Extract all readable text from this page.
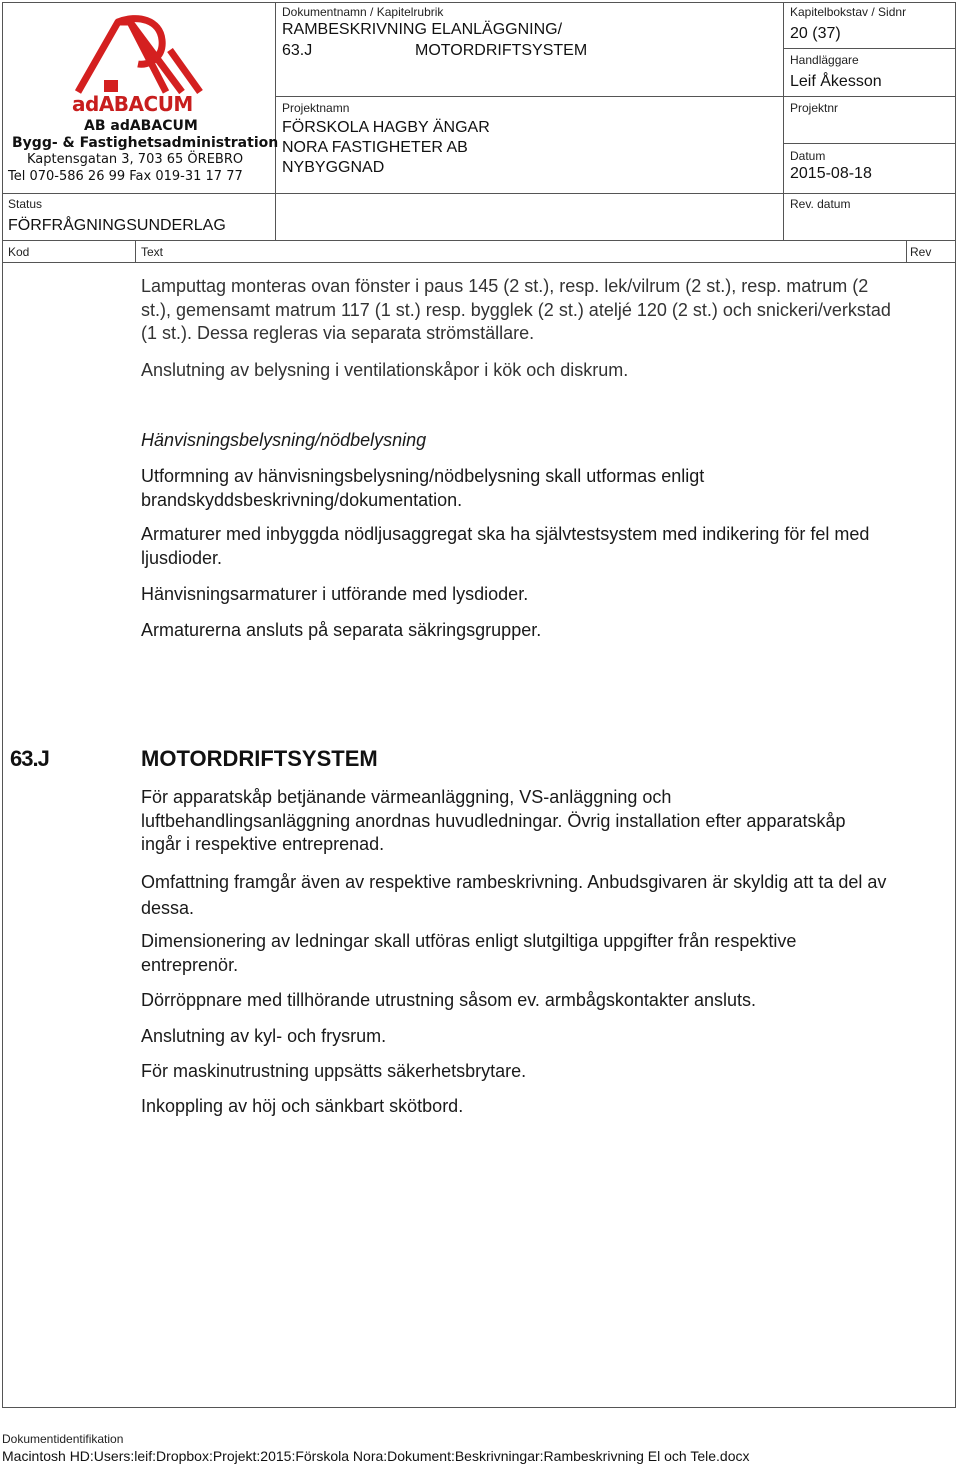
adABACUM
AB adABACUM
Bygg- & Fastighetsadministration
Kaptensgatan 3, 703 65 ÖREBRO
Tel 070-586 26 99 Fax 019-31 17 77
Status
FÖRFRÅGNINGSUNDERLAG
Dokumentnamn / Kapitelrubrik
RAMBESKRIVNING ELANLÄGGNING/
63.J	MOTORDRIFTSYSTEM
Projektnamn
FÖRSKOLA HAGBY ÄNGAR
NORA FASTIGHETER AB
NYBYGGNAD
Kapitelbokstav / Sidnr
20 (37)
Handläggare
Leif Åkesson
Projektnr
Datum
2015-08-18
Rev. datum
Kod	Text	Rev
Lamputtag monteras ovan fönster i paus 145 (2 st.), resp. lek/vilrum (2 st.), resp. matrum (2 st.), gemensamt matrum 117 (1 st.) resp. bygglek (2 st.) ateljé 120 (2 st.) och snickeri/verkstad (1 st.). Dessa regleras via separata strömställare.
Anslutning av belysning i ventilationskåpor i kök och diskrum.
Hänvisningsbelysning/nödbelysning
Utformning av hänvisningsbelysning/nödbelysning skall utformas enligt brandskyddsbeskrivning/dokumentation.
Armaturer med inbyggda nödljusaggregat ska ha självtestsystem med indikering för fel med ljusdioder.
Hänvisningsarmaturer i utförande med lysdioder.
Armaturerna ansluts på separata säkringsgrupper.
63.J	MOTORDRIFTSYSTEM
För apparatskåp betjänande värmeanläggning, VS-anläggning och luftbehandlingsanläggning anordnas huvudledningar. Övrig installation efter apparatskåp ingår i respektive entreprenad.
Omfattning framgår även av respektive rambeskrivning. Anbudsgivaren är skyldig att ta del av dessa.
Dimensionering av ledningar skall utföras enligt slutgiltiga uppgifter från respektive entreprenör.
Dörröppnare med tillhörande utrustning såsom ev. armbågskontakter ansluts.
Anslutning av kyl- och frysrum.
För maskinutrustning uppsätts säkerhetsbrytare.
Inkoppling av höj och sänkbart skötbord.
Dokumentidentifikation
Macintosh HD:Users:leif:Dropbox:Projekt:2015:Förskola Nora:Dokument:Beskrivningar:Rambeskrivning El och Tele.docx
